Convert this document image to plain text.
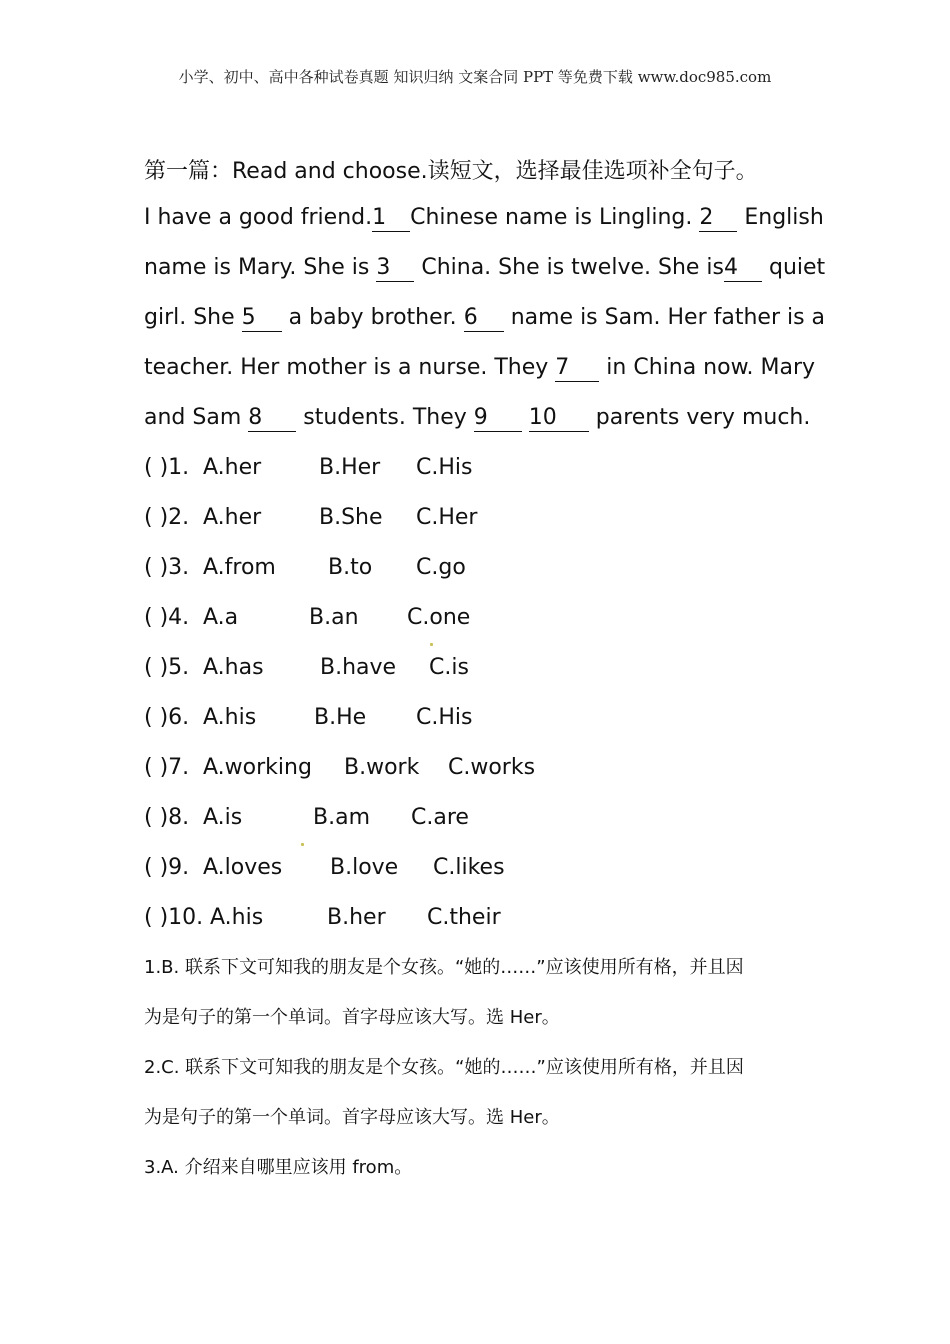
小学、初中、高中各种试卷真题 知识归纳 文案合同 PPT 等免费下载 www.doc985.com
第一篇：Read and choose.读短文，选择最佳选项补全句子。
I have a good friend.1 Chinese name is Lingling. 2 English
name is Mary. She is 3 China. She is twelve. She is4 quiet
girl. She 5 a baby brother. 6 name is Sam. Her father is a
teacher. Her mother is a nurse. They 7 in China now. Mary
and Sam 8 students. They 9 10 parents very much.
( )1. A.her	B.Her C.His
( )2. A.her	B.She C.Her
( )3. A.from B.to C.go
( )4. A.a	B.an C.one
( )5. A.has	B.have C.is
( )6. A.his	B.He C.His
( )7. A.working B.work C.works
( )8. A.is	B.am C.are
( )9. A.loves B.love C.likes
( )10. A.his	B.her C.their
1.B. 联系下文可知我的朋友是个女孩。“她的……”应该使用所有格，并且因
为是句子的第一个单词。首字母应该大写。选 Her。
2.C. 联系下文可知我的朋友是个女孩。“她的……”应该使用所有格，并且因
为是句子的第一个单词。首字母应该大写。选 Her。
3.A. 介绍来自哪里应该用 from。
